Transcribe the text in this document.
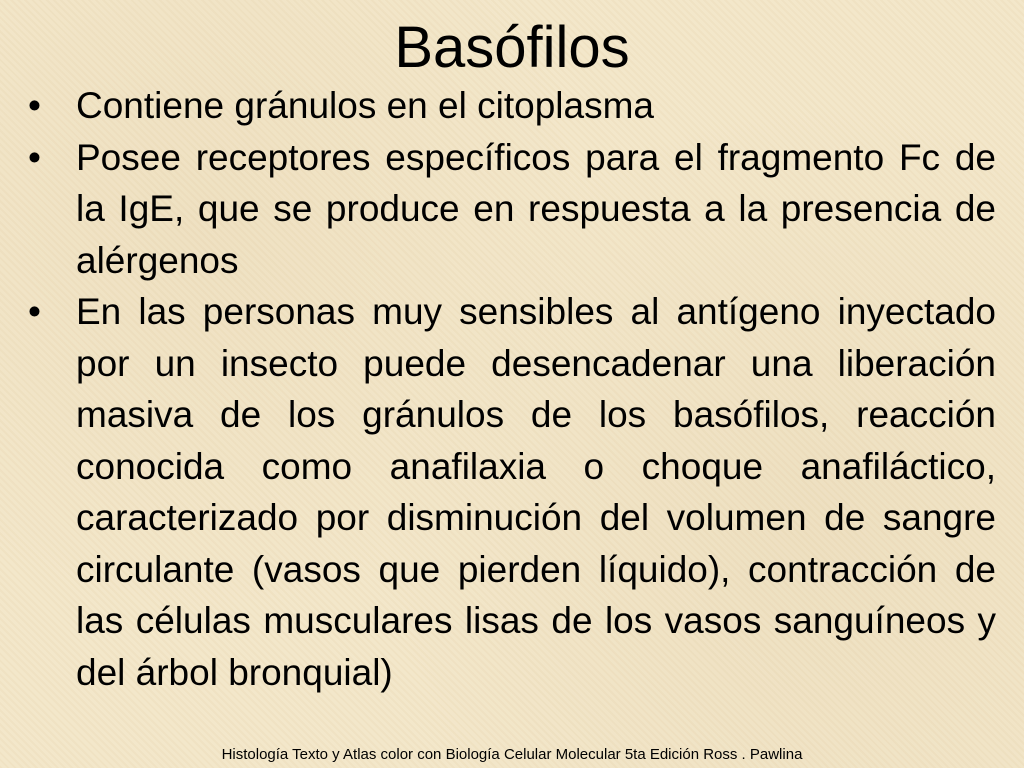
Basófilos
• Contiene gránulos en el citoplasma
• Posee receptores específicos para el fragmento Fc de la IgE, que se produce en respuesta a la presencia de alérgenos
• En las personas muy sensibles al antígeno inyectado por un insecto puede desencadenar una liberación masiva de los gránulos de los basófilos, reacción conocida como anafilaxia o choque anafiláctico, caracterizado por disminución del volumen de sangre circulante (vasos que pierden líquido), contracción de las células musculares lisas de los vasos sanguíneos y del árbol bronquial)
Histología Texto y Atlas color con Biología Celular Molecular 5ta Edición Ross . Pawlina
